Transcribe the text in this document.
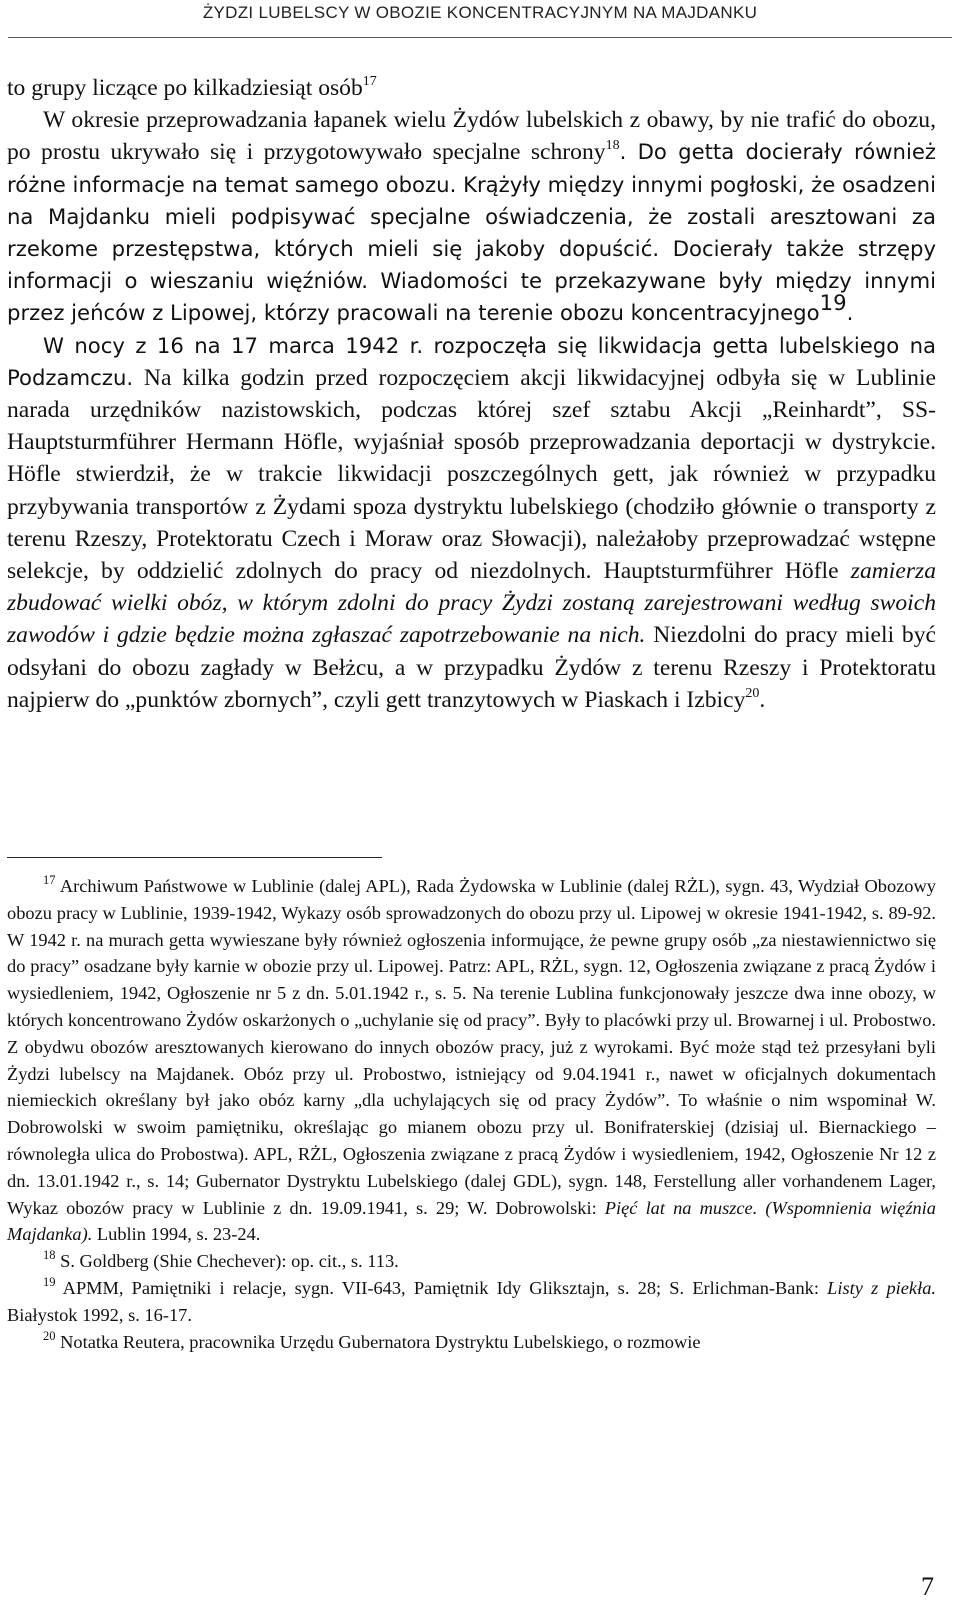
ŻYDZI LUBELSCY W OBOZIE KONCENTRACYJNYM NA MAJDANKU

to grupy liczące po kilkadziesiąt osób$^{17}$

W okresie przeprowadzania łapanek wielu Żydów lubelskich z obawy, by nie trafić do obozu, po prostu ukrywało się i przygotowywało specjalne schrony$^{18}$. Do getta docierały również różne informacje na temat samego obozu. Krążyły między innymi pogłoski, że osadzeni na Majdanku mieli podpisywać specjalne oświadczenia, że zostali aresztowani za rzekome przestępstwa, których mieli się jakoby dopuścić. Docierały także strzępy informacji o wieszaniu więźniów. Wiadomości te przekazywane były między innymi przez jeńców z Lipowej, którzy pracowali na terenie obozu koncentracyjnego$^{19}$.

W nocy z 16 na 17 marca 1942 r. rozpoczęła się likwidacja getta lubelskiego na Podzamczu. Na kilka godzin przed rozpoczęciem akcji likwidacyjnej odbyła się w Lublinie narada urzędników nazistowskich, podczas której szef sztabu Akcji „Reinhardt”, SS-Hauptsturmführer Hermann Höfle, wyjaśniał sposób przeprowadzania deportacji w dystrykcie. Höfle stwierdził, że w trakcie likwidacji poszczególnych gett, jak również w przypadku przybywania transportów z Żydami spoza dystryktu lubelskiego (chodziło głównie o transporty z terenu Rzeszy, Protektoratu Czech i Moraw oraz Słowacji), należałoby przeprowadzać wstępne selekcje, by oddzielić zdolnych do pracy od niezdolnych. Hauptsturmführer Höfle zamierza zbudować wielki obóz, w którym zdolni do pracy Żydzi zostaną zarejestrowani według swoich zawodów i gdzie będzie można zgłaszać zapotrzebowanie na nich. Niezdolni do pracy mieli być odsyłani do obozu zagłady w Bełżcu, a w przypadku Żydów z terenu Rzeszy i Protektoratu najpierw do „punktów zbornych”, czyli gett tranzytowych w Piaskach i Izbicy$^{20}$.

$^{17}$ Archiwum Państwowe w Lublinie (dalej APL), Rada Żydowska w Lublinie (dalej RŻL), sygn. 43, Wydział Obozowy obozu pracy w Lublinie, 1939-1942, Wykazy osób sprowadzonych do obozu przy ul. Lipowej w okresie 1941-1942, s. 89-92. W 1942 r. na murach getta wywieszane były również ogłoszenia informujące, że pewne grupy osób „za niestawiennictwo się do pracy” osadzane były karnie w obozie przy ul. Lipowej. Patrz: APL, RŻL, sygn. 12, Ogłoszenia związane z pracą Żydów i wysiedleniem, 1942, Ogłoszenie nr 5 z dn. 5.01.1942 r., s. 5. Na terenie Lublina funkcjonowały jeszcze dwa inne obozy, w których koncentrowano Żydów oskarżonych o „uchylanie się od pracy”. Były to placówki przy ul. Browarnej i ul. Probostwo. Z obydwu obozów aresztowanych kierowano do innych obozów pracy, już z wyrokami. Być może stąd też przesyłani byli Żydzi lubelscy na Majdanek. Obóz przy ul. Probostwo, istniejący od 9.04.1941 r., nawet w oficjalnych dokumentach niemieckich określany był jako obóz karny „dla uchylających się od pracy Żydów”. To właśnie o nim wspominał W. Dobrowolski w swoim pamiętniku, określając go mianem obozu przy ul. Bonifraterskiej (dzisiaj ul. Biernackiego – równoległa ulica do Probostwa). APL, RŻL, Ogłoszenia związane z pracą Żydów i wysiedleniem, 1942, Ogłoszenie Nr 12 z dn. 13.01.1942 r., s. 14; Gubernator Dystryktu Lubelskiego (dalej GDL), sygn. 148, Ferstellung aller vorhandenem Lager, Wykaz obozów pracy w Lublinie z dn. 19.09.1941, s. 29; W. Dobrowolski: Pięć lat na muszce. (Wspomnienia więźnia Majdanka). Lublin 1994, s. 23-24.

$^{18}$ S. Goldberg (Shie Chechever): op. cit., s. 113.

$^{19}$ APMM, Pamiętniki i relacje, sygn. VII-643, Pamiętnik Idy Gliksztajn, s. 28; S. Erlichman-Bank: Listy z piekła. Białystok 1992, s. 16-17.

$^{20}$ Notatka Reutera, pracownika Urzędu Gubernatora Dystryktu Lubelskiego, o rozmowie

7
